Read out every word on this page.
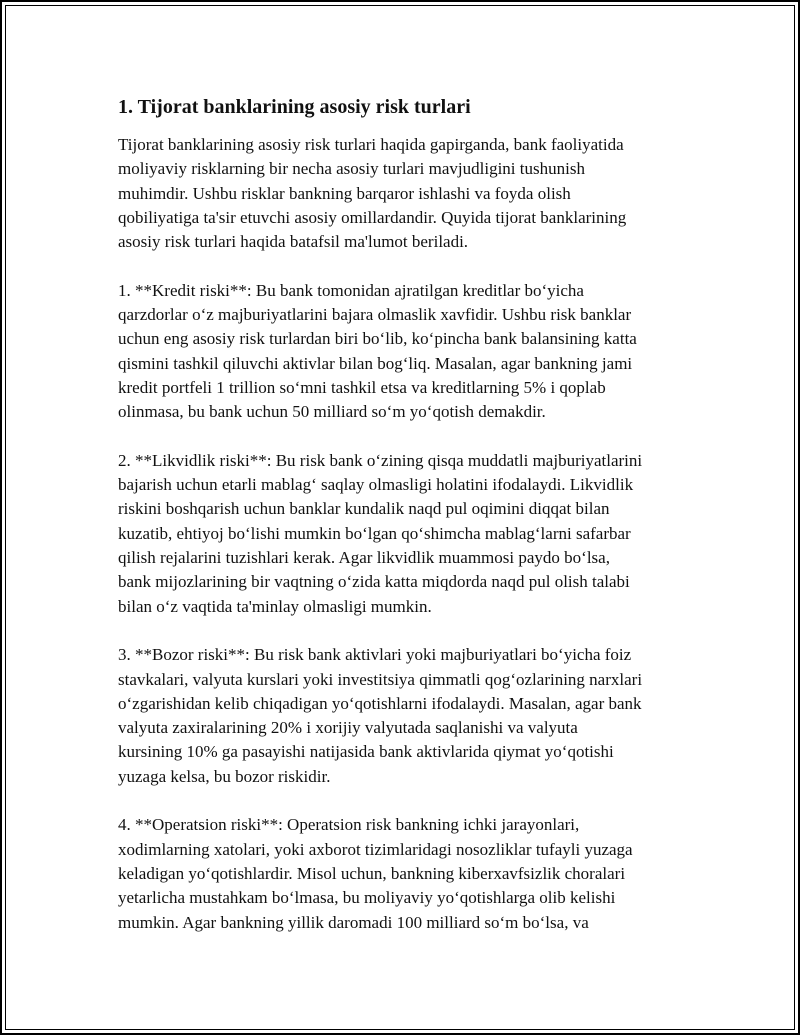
1. Tijorat banklarining asosiy risk turlari
Tijorat banklarining asosiy risk turlari haqida gapirganda, bank faoliyatida
moliyaviy risklarning bir necha asosiy turlari mavjudligini tushunish
muhimdir. Ushbu risklar bankning barqaror ishlashi va foyda olish
qobiliyatiga ta'sir etuvchi asosiy omillardandir. Quyida tijorat banklarining
asosiy risk turlari haqida batafsil ma'lumot beriladi.
1. **Kredit riski**: Bu bank tomonidan ajratilgan kreditlar bo‘yicha
qarzdorlar o‘z majburiyatlarini bajara olmaslik xavfidir. Ushbu risk banklar
uchun eng asosiy risk turlardan biri bo‘lib, ko‘pincha bank balansining katta
qismini tashkil qiluvchi aktivlar bilan bog‘liq. Masalan, agar bankning jami
kredit portfeli 1 trillion so‘mni tashkil etsa va kreditlarning 5% i qoplab
olinmasa, bu bank uchun 50 milliard so‘m yo‘qotish demakdir.
2. **Likvidlik riski**: Bu risk bank o‘zining qisqa muddatli majburiyatlarini
bajarish uchun etarli mablag‘ saqlay olmasligi holatini ifodalaydi. Likvidlik
riskini boshqarish uchun banklar kundalik naqd pul oqimini diqqat bilan
kuzatib, ehtiyoj bo‘lishi mumkin bo‘lgan qo‘shimcha mablag‘larni safarbar
qilish rejalarini tuzishlari kerak. Agar likvidlik muammosi paydo bo‘lsa,
bank mijozlarining bir vaqtning o‘zida katta miqdorda naqd pul olish talabi
bilan o‘z vaqtida ta'minlay olmasligi mumkin.
3. **Bozor riski**: Bu risk bank aktivlari yoki majburiyatlari bo‘yicha foiz
stavkalari, valyuta kurslari yoki investitsiya qimmatli qog‘ozlarining narxlari
o‘zgarishidan kelib chiqadigan yo‘qotishlarni ifodalaydi. Masalan, agar bank
valyuta zaxiralarining 20% i xorijiy valyutada saqlanishi va valyuta
kursining 10% ga pasayishi natijasida bank aktivlarida qiymat yo‘qotishi
yuzaga kelsa, bu bozor riskidir.
4. **Operatsion riski**: Operatsion risk bankning ichki jarayonlari,
xodimlarning xatolari, yoki axborot tizimlaridagi nosozliklar tufayli yuzaga
keladigan yo‘qotishlardir. Misol uchun, bankning kiberxavfsizlik choralari
yetarlicha mustahkam bo‘lmasa, bu moliyaviy yo‘qotishlarga olib kelishi
mumkin. Agar bankning yillik daromadi 100 milliard so‘m bo‘lsa, va
